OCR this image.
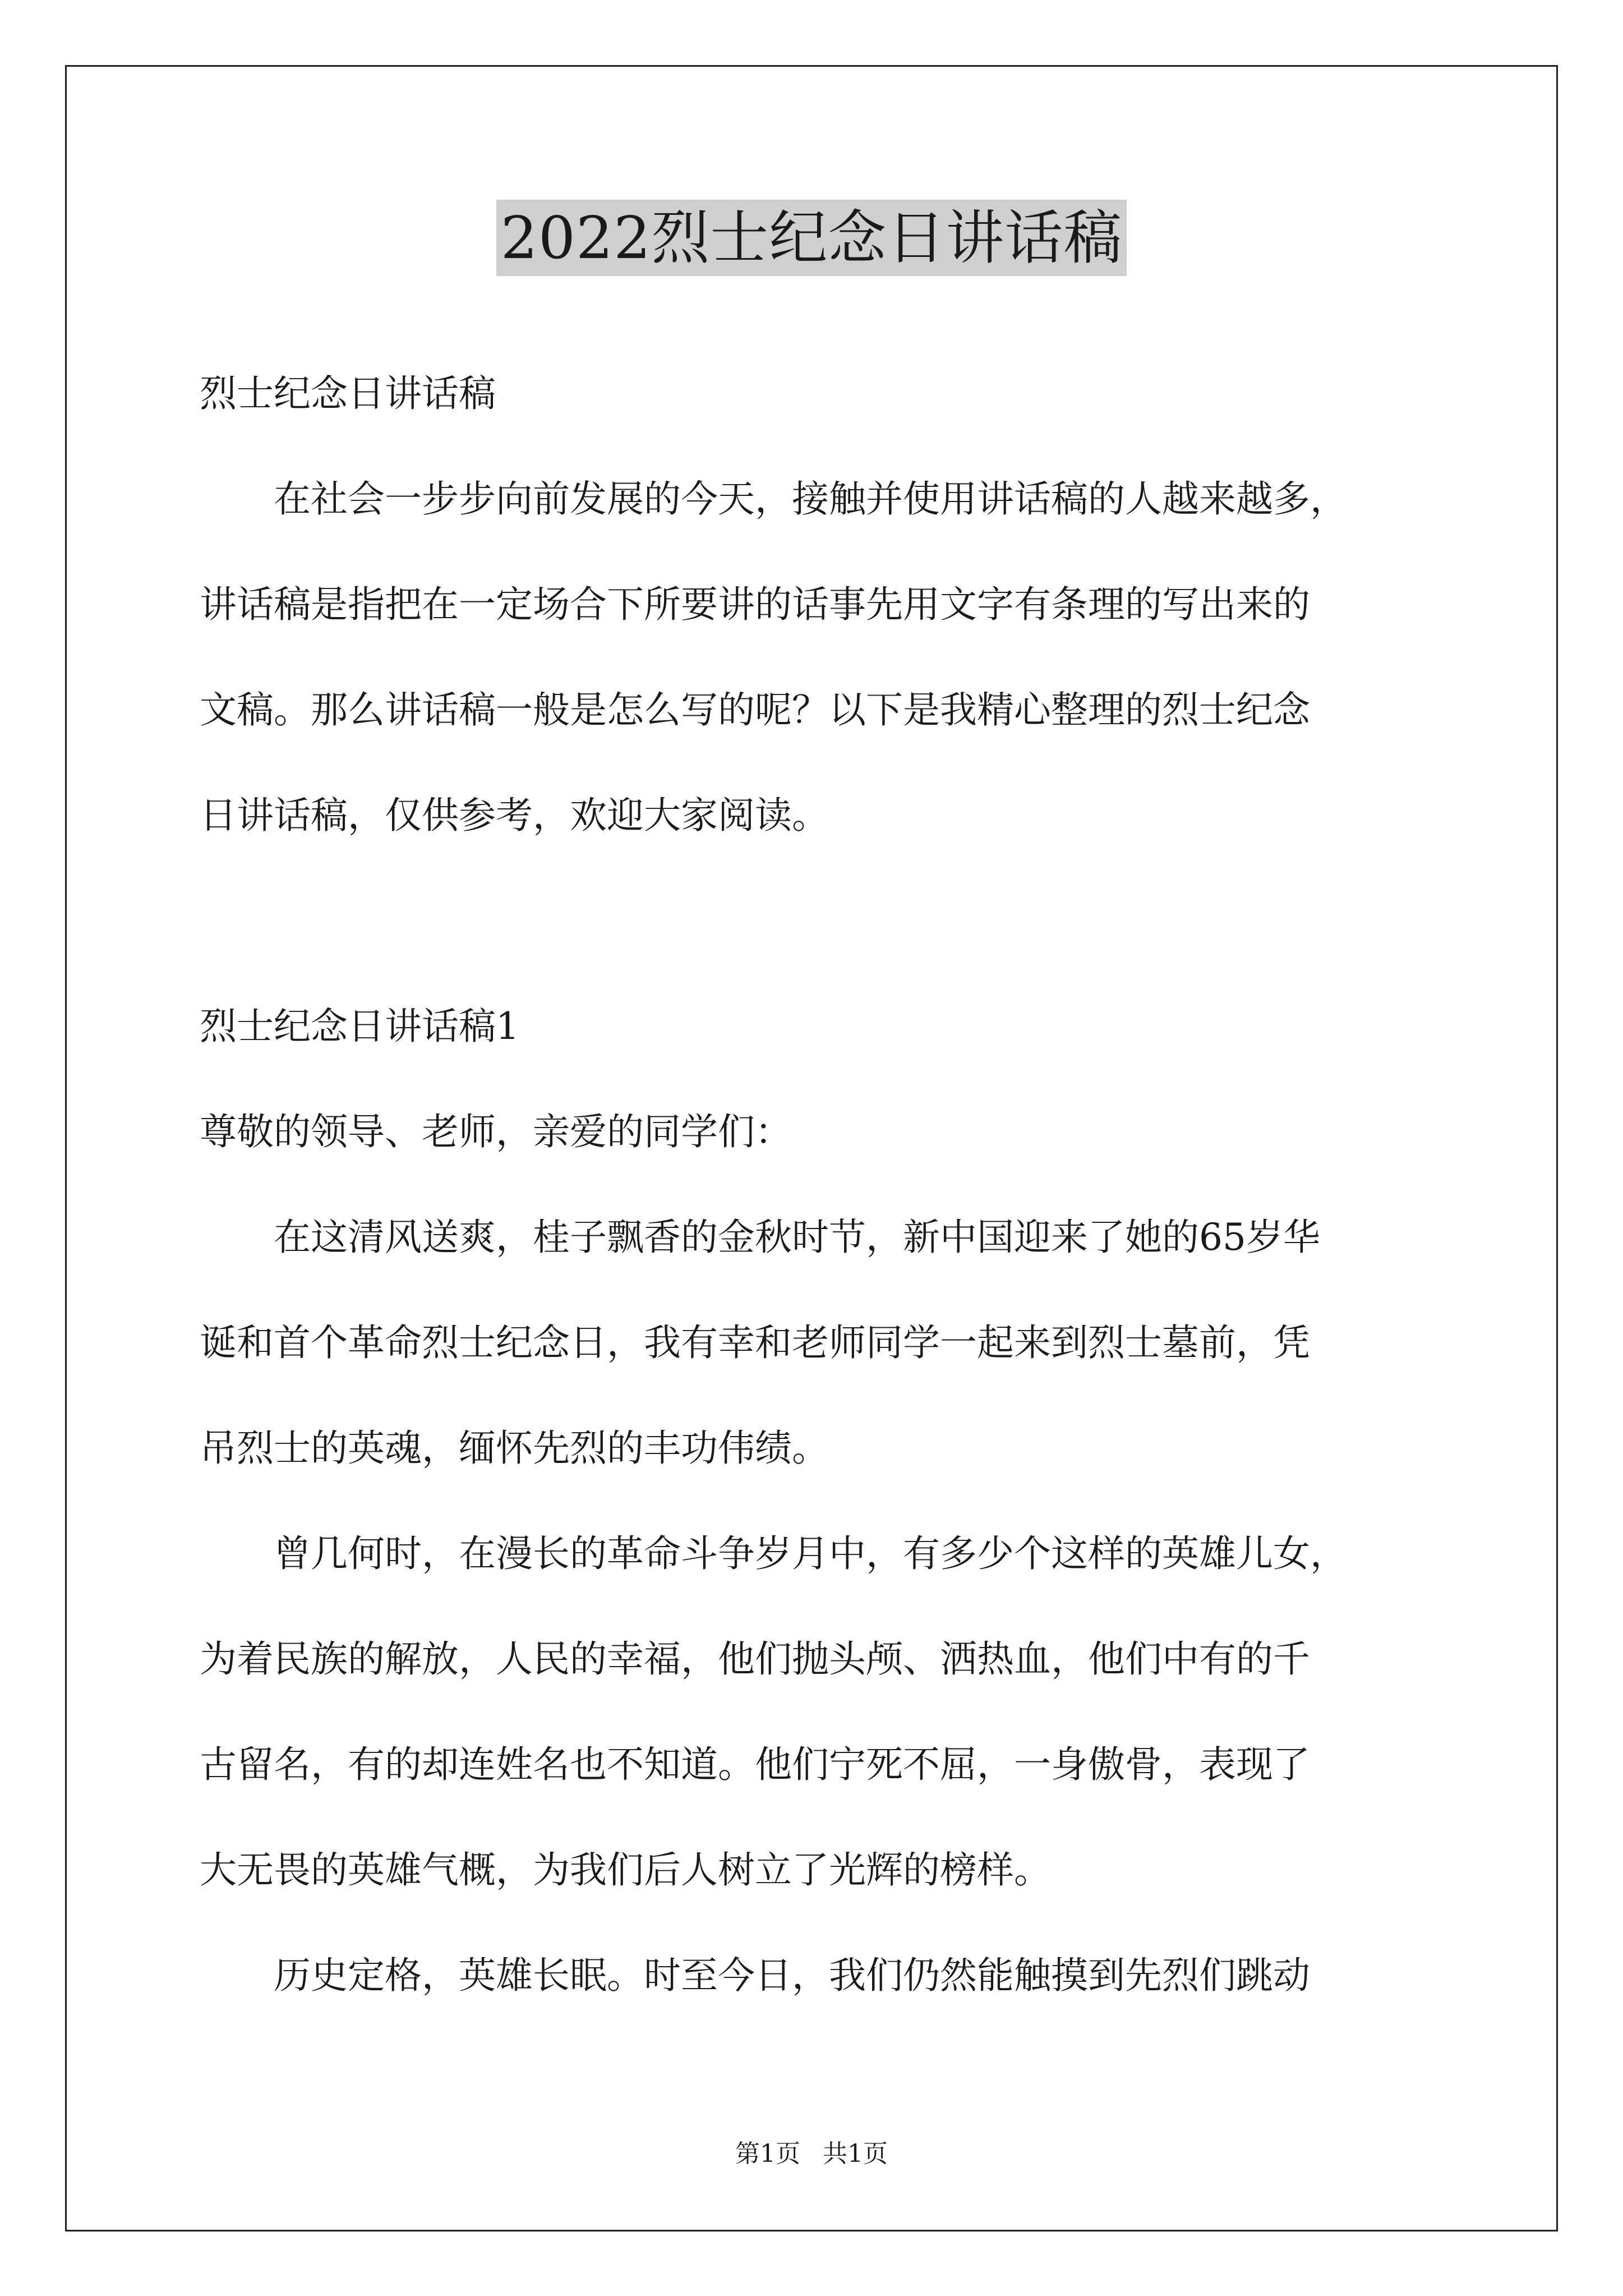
2022烈士纪念日讲话稿

烈士纪念日讲话稿

在社会一步步向前发展的今天，接触并使用讲话稿的人越来越多，

讲话稿是指把在一定场合下所要讲的话事先用文字有条理的写出来的

文稿。那么讲话稿一般是怎么写的呢？以下是我精心整理的烈士纪念

日讲话稿，仅供参考，欢迎大家阅读。

烈士纪念日讲话稿1

尊敬的领导、老师，亲爱的同学们：

在这清风送爽，桂子飘香的金秋时节，新中国迎来了她的65岁华

诞和首个革命烈士纪念日，我有幸和老师同学一起来到烈士墓前，凭

吊烈士的英魂，缅怀先烈的丰功伟绩。

曾几何时，在漫长的革命斗争岁月中，有多少个这样的英雄儿女，

为着民族的解放，人民的幸福，他们抛头颅、洒热血，他们中有的千

古留名，有的却连姓名也不知道。他们宁死不屈，一身傲骨，表现了

大无畏的英雄气概，为我们后人树立了光辉的榜样。

历史定格，英雄长眠。时至今日，我们仍然能触摸到先烈们跳动

第1页 共1页
